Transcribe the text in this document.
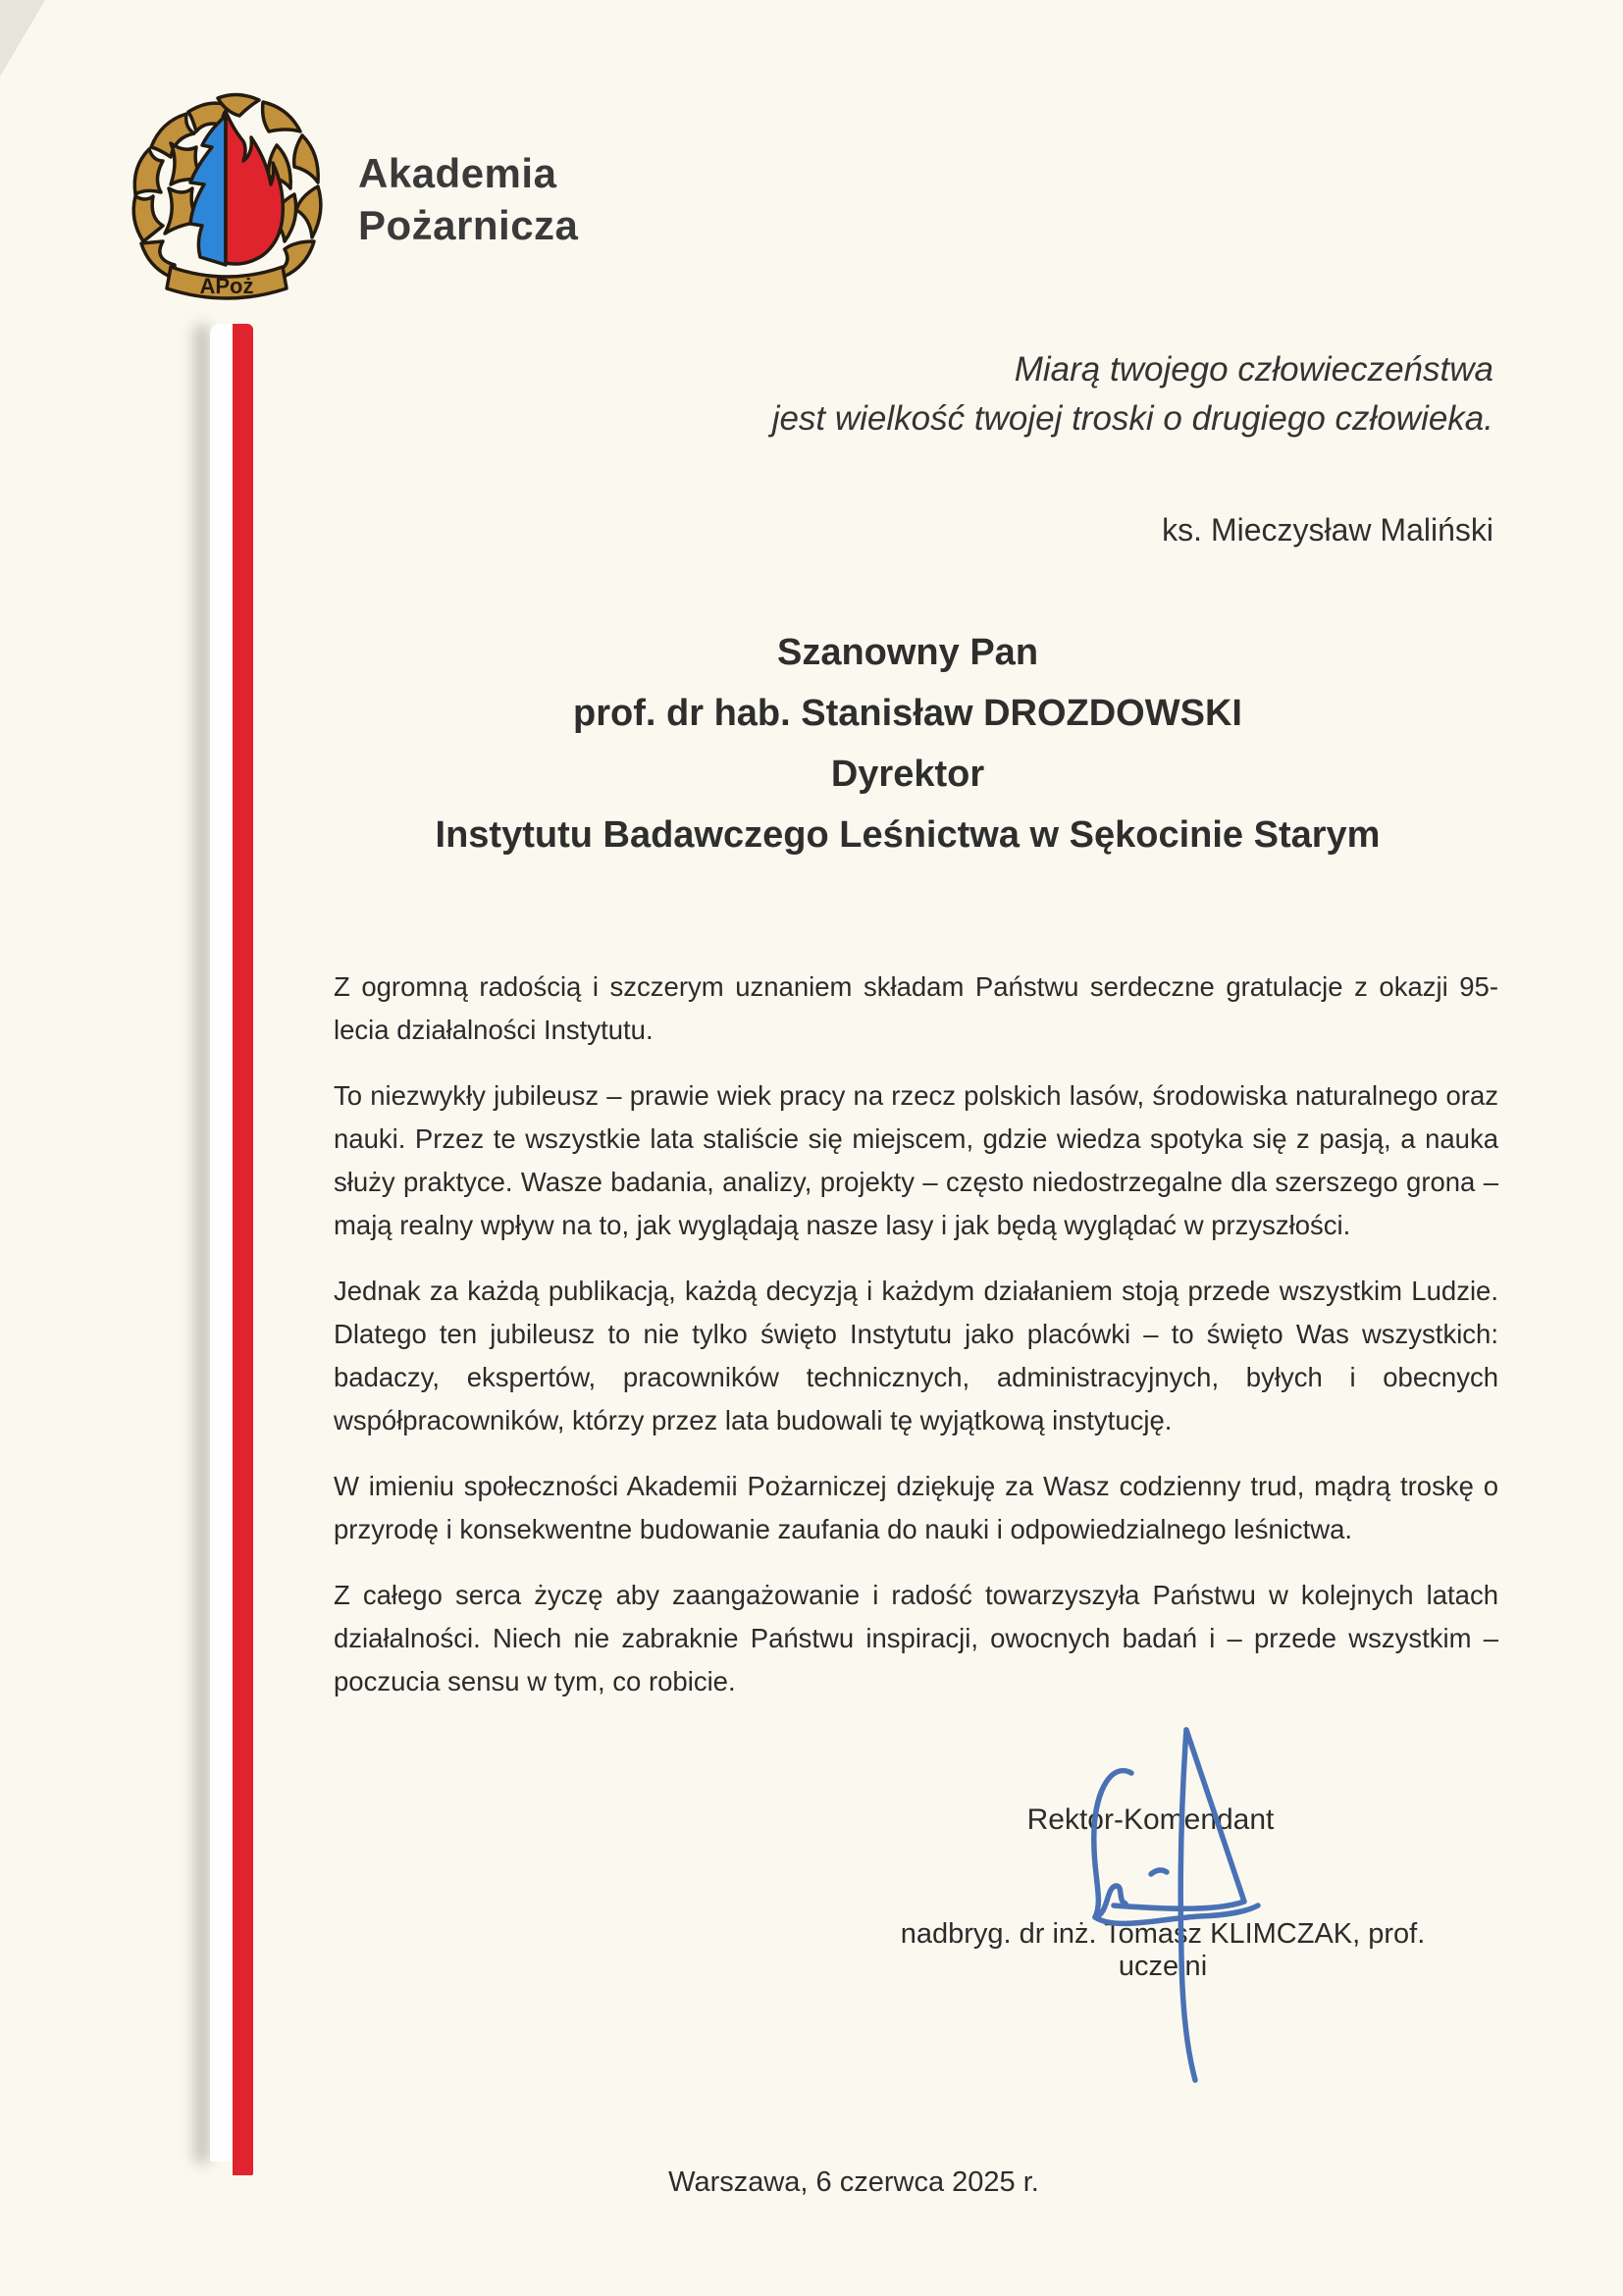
APoż
Akademia
Pożarnicza
Miarą twojego człowieczeństwa
jest wielkość twojej troski o drugiego człowieka.
ks. Mieczysław Maliński
Szanowny Pan
prof. dr hab. Stanisław DROZDOWSKI
Dyrektor
Instytutu Badawczego Leśnictwa w Sękocinie Starym

Z ogromną radością i szczerym uznaniem składam Państwu serdeczne gratulacje z okazji 95-lecia działalności Instytutu.

To niezwykły jubileusz – prawie wiek pracy na rzecz polskich lasów, środowiska naturalnego oraz nauki. Przez te wszystkie lata staliście się miejscem, gdzie wiedza spotyka się z pasją, a nauka służy praktyce. Wasze badania, analizy, projekty – często niedostrzegalne dla szerszego grona – mają realny wpływ na to, jak wyglądają nasze lasy i jak będą wyglądać w przyszłości.

Jednak za każdą publikacją, każdą decyzją i każdym działaniem stoją przede wszystkim Ludzie. Dlatego ten jubileusz to nie tylko święto Instytutu jako placówki – to święto Was wszystkich: badaczy, ekspertów, pracowników technicznych, administracyjnych, byłych i obecnych współpracowników, którzy przez lata budowali tę wyjątkową instytucję.

W imieniu społeczności Akademii Pożarniczej dziękuję za Wasz codzienny trud, mądrą troskę o przyrodę i konsekwentne budowanie zaufania do nauki i odpowiedzialnego leśnictwa.

Z całego serca życzę aby zaangażowanie i radość towarzyszyła Państwu w kolejnych latach działalności. Niech nie zabraknie Państwu inspiracji, owocnych badań i – przede wszystkim – poczucia sensu w tym, co robicie.

Rektor-Komendant
nadbryg. dr inż. Tomasz KLIMCZAK, prof. uczelni
Warszawa, 6 czerwca 2025 r.
